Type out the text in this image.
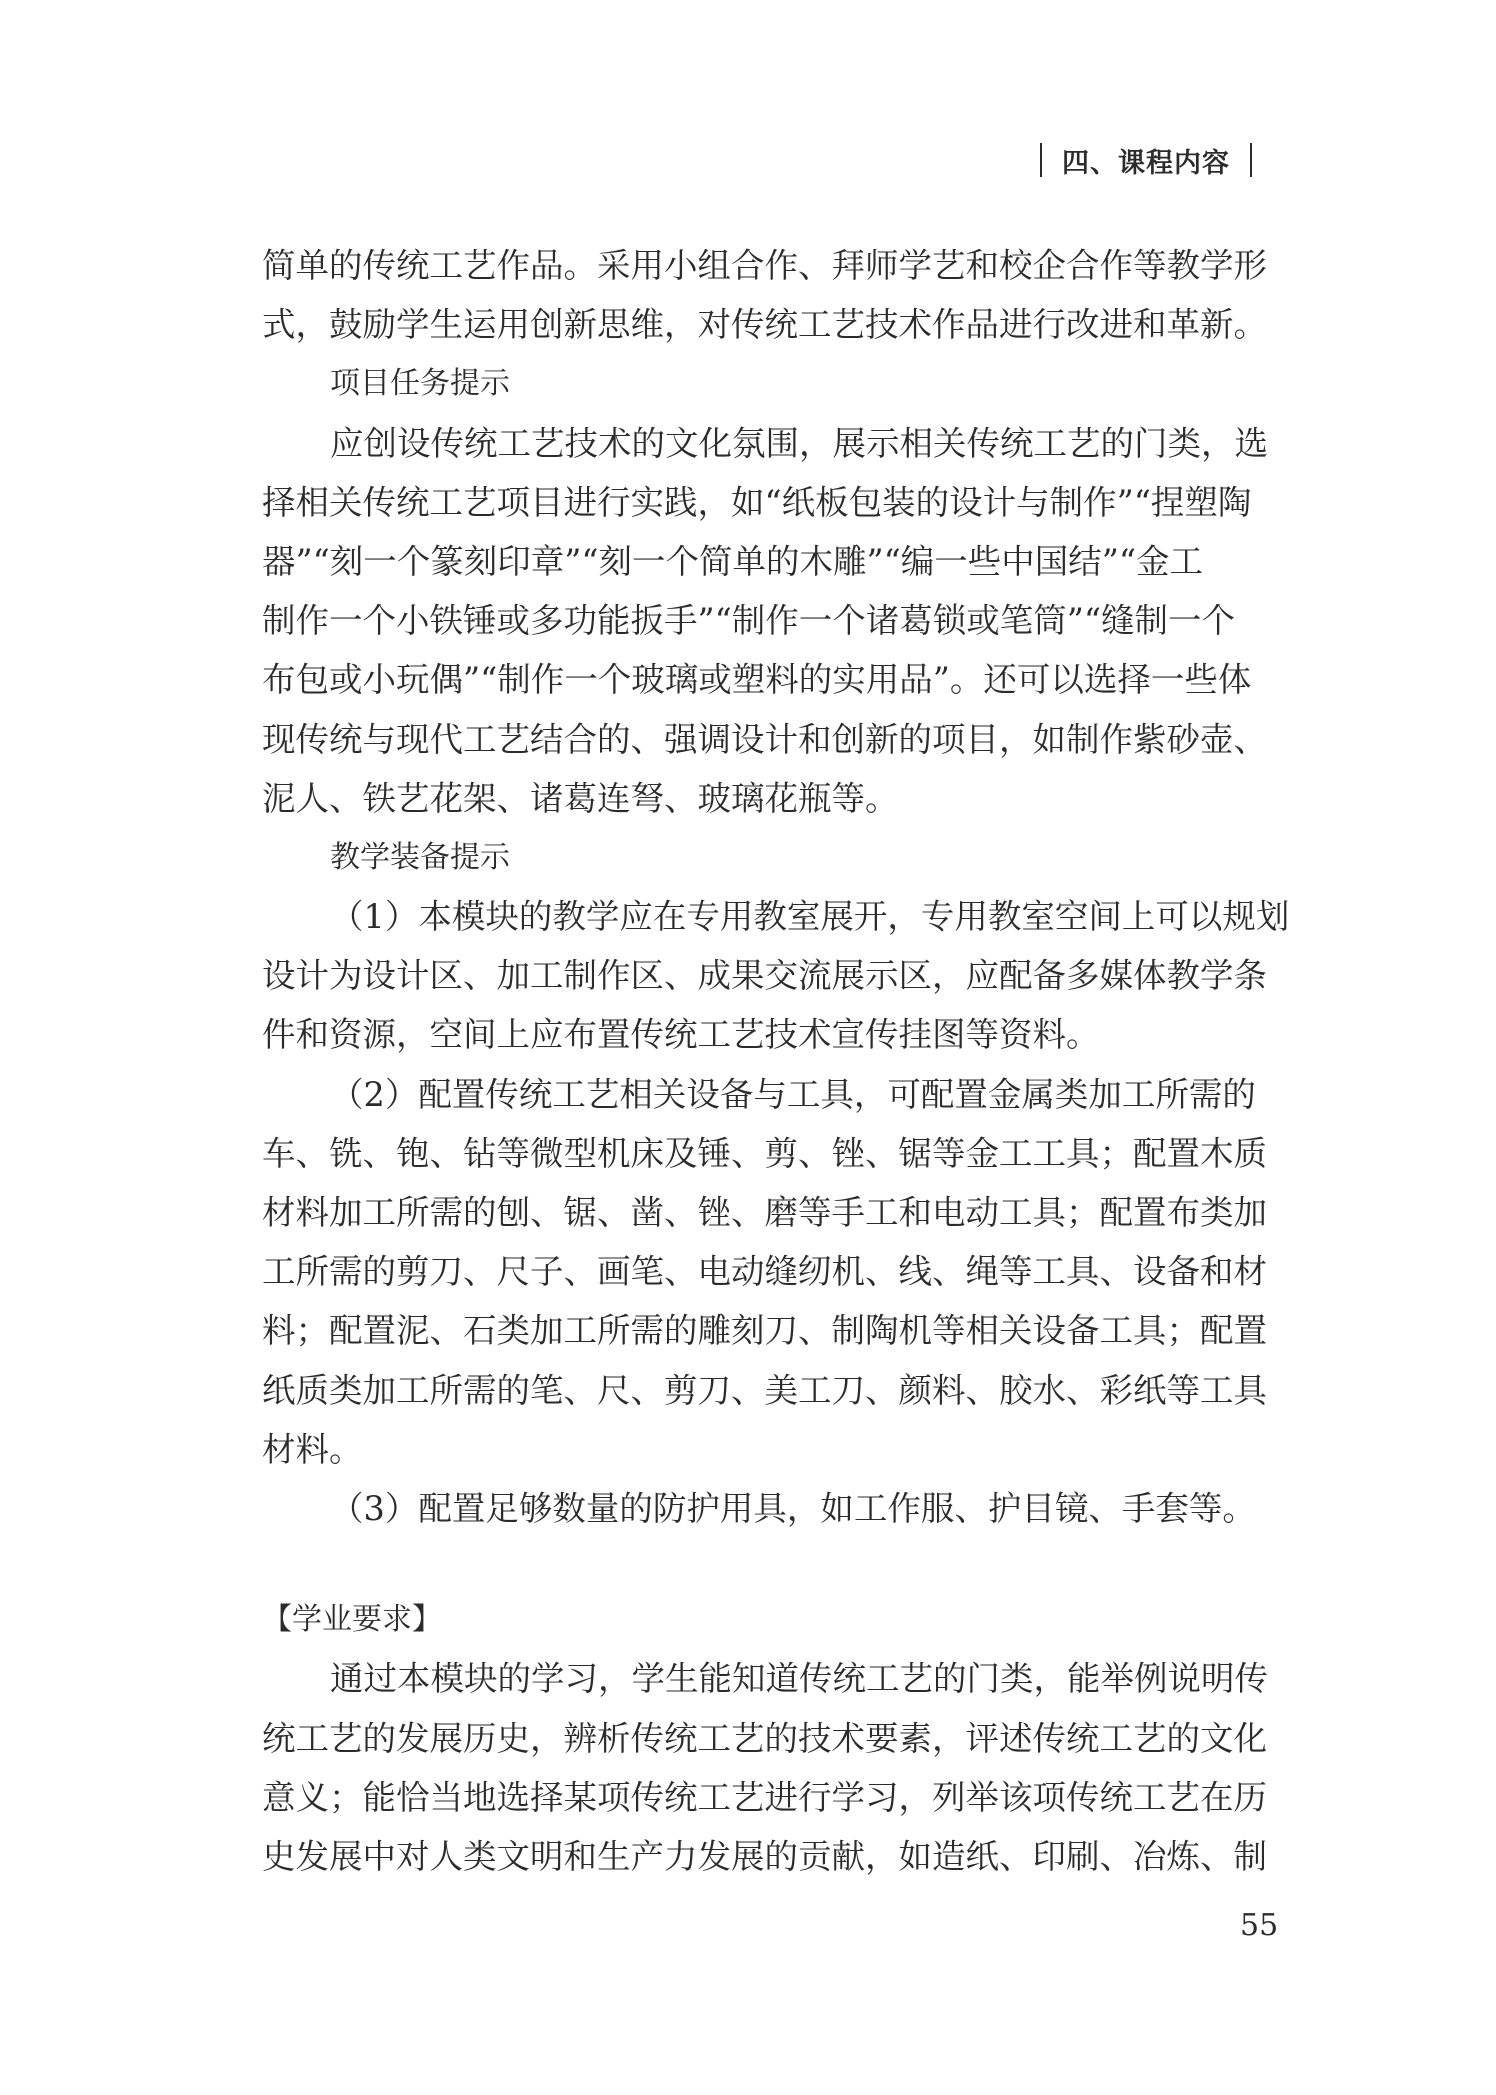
四、课程内容
简单的传统工艺作品。采用小组合作、拜师学艺和校企合作等教学形
式，鼓励学生运用创新思维，对传统工艺技术作品进行改进和革新。
项目任务提示
应创设传统工艺技术的文化氛围，展示相关传统工艺的门类，选
择相关传统工艺项目进行实践，如“纸板包装的设计与制作”“捏塑陶
器”“刻一个篆刻印章”“刻一个简单的木雕”“编一些中国结”“金工
制作一个小铁锤或多功能扳手”“制作一个诸葛锁或笔筒”“缝制一个
布包或小玩偶”“制作一个玻璃或塑料的实用品”。还可以选择一些体
现传统与现代工艺结合的、强调设计和创新的项目，如制作紫砂壶、
泥人、铁艺花架、诸葛连弩、玻璃花瓶等。
教学装备提示
（1）本模块的教学应在专用教室展开，专用教室空间上可以规划
设计为设计区、加工制作区、成果交流展示区，应配备多媒体教学条
件和资源，空间上应布置传统工艺技术宣传挂图等资料。
（2）配置传统工艺相关设备与工具，可配置金属类加工所需的
车、铣、铇、钻等微型机床及锤、剪、锉、锯等金工工具；配置木质
材料加工所需的刨、锯、凿、锉、磨等手工和电动工具；配置布类加
工所需的剪刀、尺子、画笔、电动缝纫机、线、绳等工具、设备和材
料；配置泥、石类加工所需的雕刻刀、制陶机等相关设备工具；配置
纸质类加工所需的笔、尺、剪刀、美工刀、颜料、胶水、彩纸等工具
材料。
（3）配置足够数量的防护用具，如工作服、护目镜、手套等。
【学业要求】
通过本模块的学习，学生能知道传统工艺的门类，能举例说明传
统工艺的发展历史，辨析传统工艺的技术要素，评述传统工艺的文化
意义；能恰当地选择某项传统工艺进行学习，列举该项传统工艺在历
史发展中对人类文明和生产力发展的贡献，如造纸、印刷、冶炼、制
55
